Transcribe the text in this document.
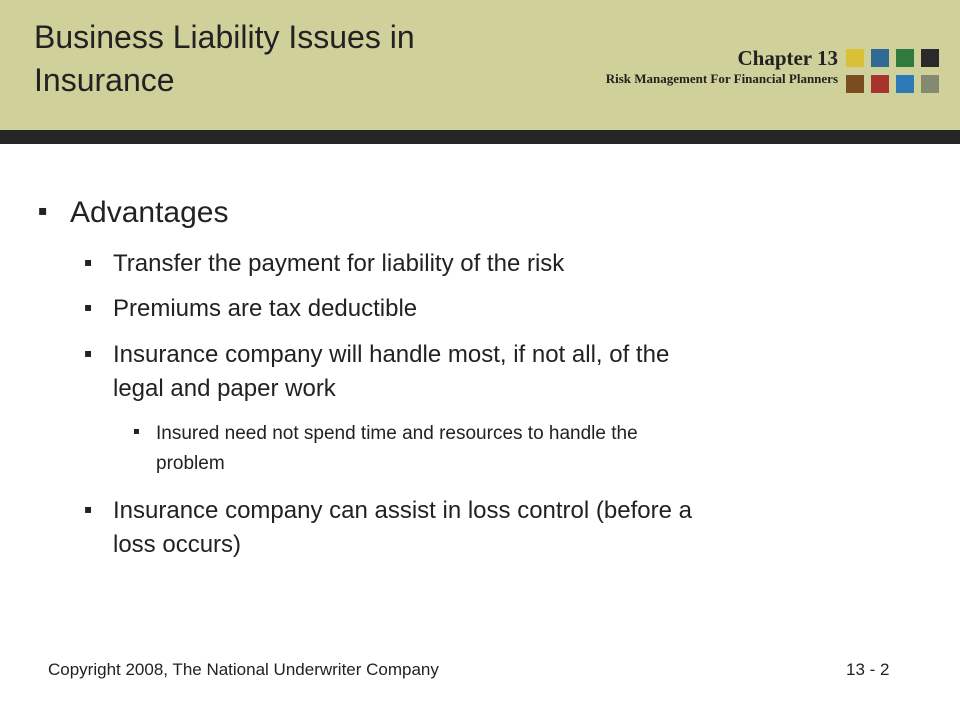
Business Liability Issues in Insurance
Chapter 13
Risk Management For Financial Planners
▪ Advantages
▪ Transfer the payment for liability of the risk
▪ Premiums are tax deductible
▪ Insurance company will handle most, if not all, of the
legal and paper work
▪ Insured need not spend time and resources to handle the
problem
▪ Insurance company can assist in loss control (before a
loss occurs)
Copyright 2008, The National Underwriter Company	13 - 2
